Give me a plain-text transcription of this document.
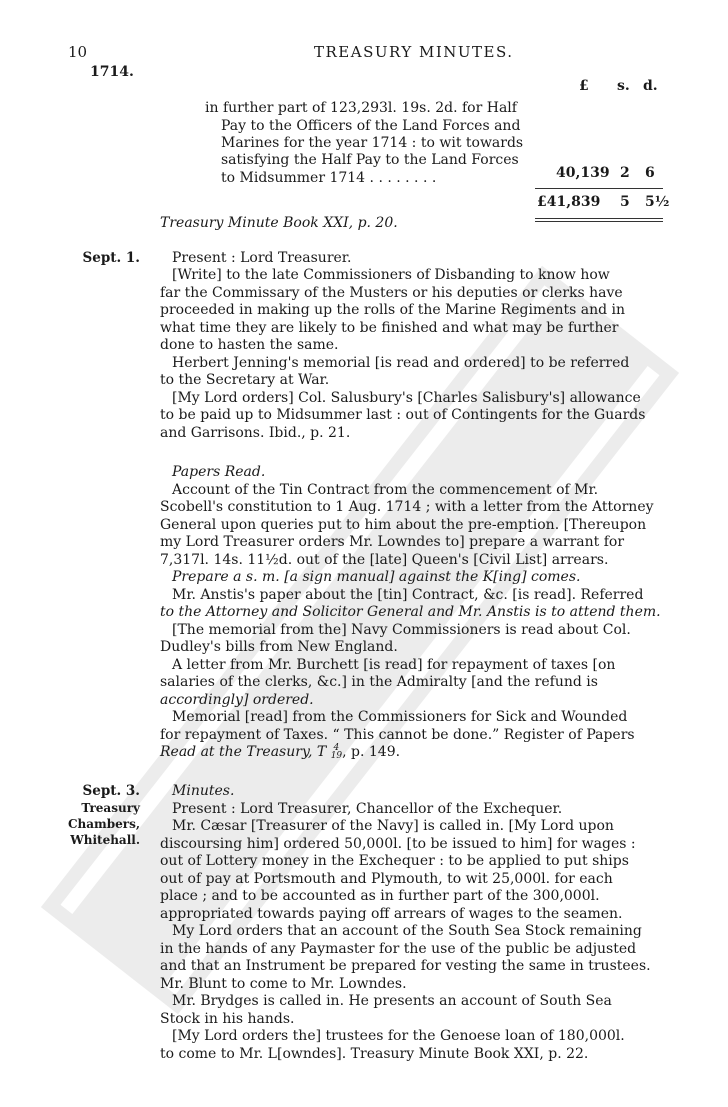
10	TREASURY MINUTES.
1714.
£ s. d.
in further part of 123,293l. 19s. 2d. for Half
Pay to the Officers of the Land Forces and
Marines for the year 1714 : to wit towards
satisfying the Half Pay to the Land Forces
to Midsummer 1714 . . . . . . . .	40,139 2 6
£41,839 5 5½
Treasury Minute Book XXI, p. 20.
Sept. 1. Present : Lord Treasurer.
[Write] to the late Commissioners of Disbanding to know how
far the Commissary of the Musters or his deputies or clerks have
proceeded in making up the rolls of the Marine Regiments and in
what time they are likely to be finished and what may be further
done to hasten the same.
Herbert Jenning's memorial [is read and ordered] to be referred
to the Secretary at War.
[My Lord orders] Col. Salusbury's [Charles Salisbury's] allowance
to be paid up to Midsummer last : out of Contingents for the Guards
and Garrisons. Ibid., p. 21.
Papers Read.
Account of the Tin Contract from the commencement of Mr.
Scobell's constitution to 1 Aug. 1714 ; with a letter from the Attorney
General upon queries put to him about the pre-emption. [Thereupon
my Lord Treasurer orders Mr. Lowndes to] prepare a warrant for
7,317l. 14s. 11½d. out of the [late] Queen's [Civil List] arrears.
Prepare a s. m. [a sign manual] against the K[ing] comes.
Mr. Anstis's paper about the [tin] Contract, &c. [is read]. Referred
to the Attorney and Solicitor General and Mr. Anstis is to attend them.
[The memorial from the] Navy Commissioners is read about Col.
Dudley's bills from New England.
A letter from Mr. Burchett [is read] for repayment of taxes [on
salaries of the clerks, &c.] in the Admiralty [and the refund is
accordingly] ordered.
Memorial [read] from the Commissioners for Sick and Wounded
for repayment of Taxes. “ This cannot be done.” Register of Papers
Read at the Treasury, T 4
19, p. 149.
Sept. 3.
Treasury
Chambers,
Whitehall.
Minutes.
Present : Lord Treasurer, Chancellor of the Exchequer.
Mr. Cæsar [Treasurer of the Navy] is called in. [My Lord upon
discoursing him] ordered 50,000l. [to be issued to him] for wages :
out of Lottery money in the Exchequer : to be applied to put ships
out of pay at Portsmouth and Plymouth, to wit 25,000l. for each
place ; and to be accounted as in further part of the 300,000l.
appropriated towards paying off arrears of wages to the seamen.
My Lord orders that an account of the South Sea Stock remaining
in the hands of any Paymaster for the use of the public be adjusted
and that an Instrument be prepared for vesting the same in trustees.
Mr. Blunt to come to Mr. Lowndes.
Mr. Brydges is called in. He presents an account of South Sea
Stock in his hands.
[My Lord orders the] trustees for the Genoese loan of 180,000l.
to come to Mr. L[owndes]. Treasury Minute Book XXI, p. 22.
